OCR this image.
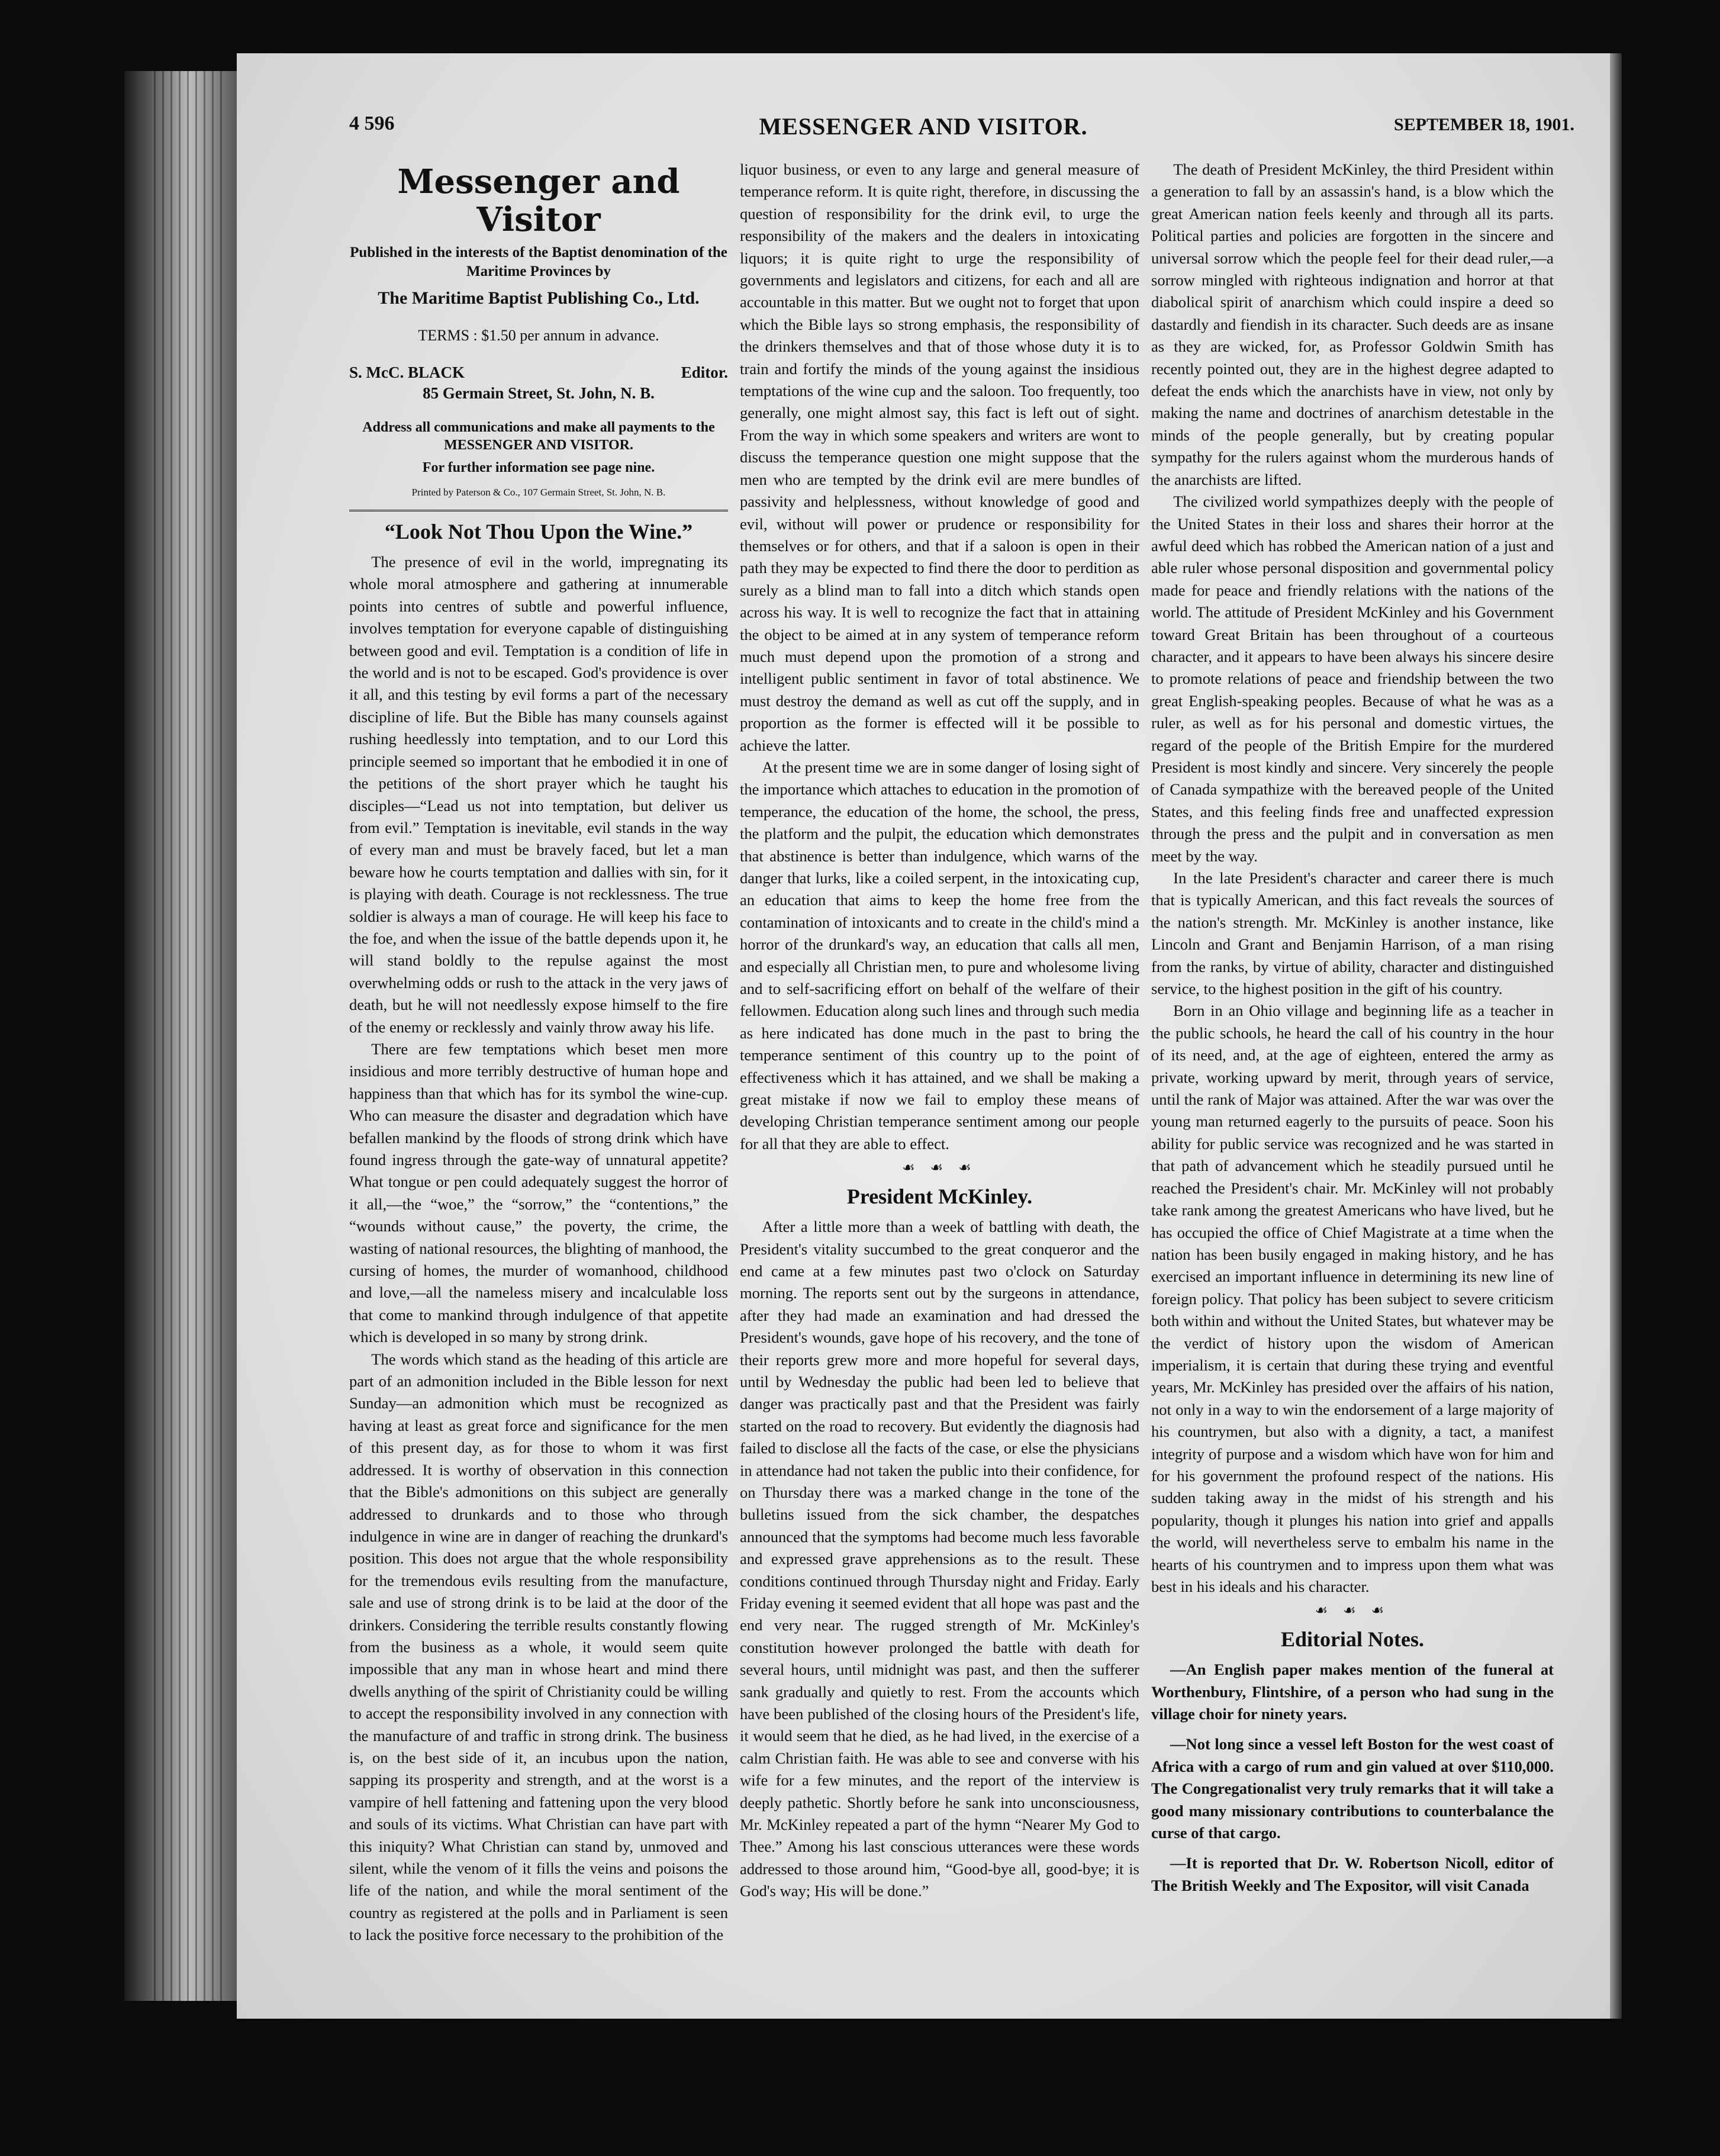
4 596	MESSENGER AND VISITOR.	SEPTEMBER 18, 1901.
Messenger and Visitor
Published in the interests of the Baptist denomination of the Maritime Provinces by
The Maritime Baptist Publishing Co., Ltd.
TERMS : $1.50 per annum in advance.
S. McC. BLACK	Editor.
85 Germain Street, St. John, N. B.
Address all communications and make all payments to the MESSENGER AND VISITOR.
For further information see page nine.
Printed by Paterson & Co., 107 Germain Street, St. John, N. B.
“Look Not Thou Upon the Wine.”

The presence of evil in the world, impregnating its whole moral atmosphere and gathering at innumerable points into centres of subtle and powerful influence, involves temptation for everyone capable of distinguishing between good and evil. Temptation is a condition of life in the world and is not to be escaped. God's providence is over it all, and this testing by evil forms a part of the necessary discipline of life. But the Bible has many counsels against rushing heedlessly into temptation, and to our Lord this principle seemed so important that he embodied it in one of the petitions of the short prayer which he taught his disciples—“Lead us not into temptation, but deliver us from evil.” Temptation is inevitable, evil stands in the way of every man and must be bravely faced, but let a man beware how he courts temptation and dallies with sin, for it is playing with death. Courage is not recklessness. The true soldier is always a man of courage. He will keep his face to the foe, and when the issue of the battle depends upon it, he will stand boldly to the repulse against the most overwhelming odds or rush to the attack in the very jaws of death, but he will not needlessly expose himself to the fire of the enemy or recklessly and vainly throw away his life.

There are few temptations which beset men more insidious and more terribly destructive of human hope and happiness than that which has for its symbol the wine-cup. Who can measure the disaster and degradation which have befallen mankind by the floods of strong drink which have found ingress through the gate-way of unnatural appetite? What tongue or pen could adequately suggest the horror of it all,—the “woe,” the “sorrow,” the “contentions,” the “wounds without cause,” the poverty, the crime, the wasting of national resources, the blighting of manhood, the cursing of homes, the murder of womanhood, childhood and love,—all the nameless misery and incalculable loss that come to mankind through indulgence of that appetite which is developed in so many by strong drink.

The words which stand as the heading of this article are part of an admonition included in the Bible lesson for next Sunday—an admonition which must be recognized as having at least as great force and significance for the men of this present day, as for those to whom it was first addressed. It is worthy of observation in this connection that the Bible's admonitions on this subject are generally addressed to drunkards and to those who through indulgence in wine are in danger of reaching the drunkard's position. This does not argue that the whole responsibility for the tremendous evils resulting from the manufacture, sale and use of strong drink is to be laid at the door of the drinkers. Considering the terrible results constantly flowing from the business as a whole, it would seem quite impossible that any man in whose heart and mind there dwells anything of the spirit of Christianity could be willing to accept the responsibility involved in any connection with the manufacture of and traffic in strong drink. The business is, on the best side of it, an incubus upon the nation, sapping its prosperity and strength, and at the worst is a vampire of hell fattening and fattening upon the very blood and souls of its victims. What Christian can have part with this iniquity? What Christian can stand by, unmoved and silent, while the venom of it fills the veins and poisons the life of the nation, and while the moral sentiment of the country as registered at the polls and in Parliament is seen to lack the positive force necessary to the prohibition of the

liquor business, or even to any large and general measure of temperance reform. It is quite right, therefore, in discussing the question of responsibility for the drink evil, to urge the responsibility of the makers and the dealers in intoxicating liquors; it is quite right to urge the responsibility of governments and legislators and citizens, for each and all are accountable in this matter. But we ought not to forget that upon which the Bible lays so strong emphasis, the responsibility of the drinkers themselves and that of those whose duty it is to train and fortify the minds of the young against the insidious temptations of the wine cup and the saloon. Too frequently, too generally, one might almost say, this fact is left out of sight. From the way in which some speakers and writers are wont to discuss the temperance question one might suppose that the men who are tempted by the drink evil are mere bundles of passivity and helplessness, without knowledge of good and evil, without will power or prudence or responsibility for themselves or for others, and that if a saloon is open in their path they may be expected to find there the door to perdition as surely as a blind man to fall into a ditch which stands open across his way. It is well to recognize the fact that in attaining the object to be aimed at in any system of temperance reform much must depend upon the promotion of a strong and intelligent public sentiment in favor of total abstinence. We must destroy the demand as well as cut off the supply, and in proportion as the former is effected will it be possible to achieve the latter.

At the present time we are in some danger of losing sight of the importance which attaches to education in the promotion of temperance, the education of the home, the school, the press, the platform and the pulpit, the education which demonstrates that abstinence is better than indulgence, which warns of the danger that lurks, like a coiled serpent, in the intoxicating cup, an education that aims to keep the home free from the contamination of intoxicants and to create in the child's mind a horror of the drunkard's way, an education that calls all men, and especially all Christian men, to pure and wholesome living and to self-sacrificing effort on behalf of the welfare of their fellowmen. Education along such lines and through such media as here indicated has done much in the past to bring the temperance sentiment of this country up to the point of effectiveness which it has attained, and we shall be making a great mistake if now we fail to employ these means of developing Christian temperance sentiment among our people for all that they are able to effect.

☙ ☙ ☙
President McKinley.

After a little more than a week of battling with death, the President's vitality succumbed to the great conqueror and the end came at a few minutes past two o'clock on Saturday morning. The reports sent out by the surgeons in attendance, after they had made an examination and had dressed the President's wounds, gave hope of his recovery, and the tone of their reports grew more and more hopeful for several days, until by Wednesday the public had been led to believe that danger was practically past and that the President was fairly started on the road to recovery. But evidently the diagnosis had failed to disclose all the facts of the case, or else the physicians in attendance had not taken the public into their confidence, for on Thursday there was a marked change in the tone of the bulletins issued from the sick chamber, the despatches announced that the symptoms had become much less favorable and expressed grave apprehensions as to the result. These conditions continued through Thursday night and Friday. Early Friday evening it seemed evident that all hope was past and the end very near. The rugged strength of Mr. McKinley's constitution however prolonged the battle with death for several hours, until midnight was past, and then the sufferer sank gradually and quietly to rest. From the accounts which have been published of the closing hours of the President's life, it would seem that he died, as he had lived, in the exercise of a calm Christian faith. He was able to see and converse with his wife for a few minutes, and the report of the interview is deeply pathetic. Shortly before he sank into unconsciousness, Mr. McKinley repeated a part of the hymn “Nearer My God to Thee.” Among his last conscious utterances were these words addressed to those around him, “Good-bye all, good-bye; it is God's way; His will be done.”

The death of President McKinley, the third President within a generation to fall by an assassin's hand, is a blow which the great American nation feels keenly and through all its parts. Political parties and policies are forgotten in the sincere and universal sorrow which the people feel for their dead ruler,—a sorrow mingled with righteous indignation and horror at that diabolical spirit of anarchism which could inspire a deed so dastardly and fiendish in its character. Such deeds are as insane as they are wicked, for, as Professor Goldwin Smith has recently pointed out, they are in the highest degree adapted to defeat the ends which the anarchists have in view, not only by making the name and doctrines of anarchism detestable in the minds of the people generally, but by creating popular sympathy for the rulers against whom the murderous hands of the anarchists are lifted.

The civilized world sympathizes deeply with the people of the United States in their loss and shares their horror at the awful deed which has robbed the American nation of a just and able ruler whose personal disposition and governmental policy made for peace and friendly relations with the nations of the world. The attitude of President McKinley and his Government toward Great Britain has been throughout of a courteous character, and it appears to have been always his sincere desire to promote relations of peace and friendship between the two great English-speaking peoples. Because of what he was as a ruler, as well as for his personal and domestic virtues, the regard of the people of the British Empire for the murdered President is most kindly and sincere. Very sincerely the people of Canada sympathize with the bereaved people of the United States, and this feeling finds free and unaffected expression through the press and the pulpit and in conversation as men meet by the way.

In the late President's character and career there is much that is typically American, and this fact reveals the sources of the nation's strength. Mr. McKinley is another instance, like Lincoln and Grant and Benjamin Harrison, of a man rising from the ranks, by virtue of ability, character and distinguished service, to the highest position in the gift of his country.

Born in an Ohio village and beginning life as a teacher in the public schools, he heard the call of his country in the hour of its need, and, at the age of eighteen, entered the army as private, working upward by merit, through years of service, until the rank of Major was attained. After the war was over the young man returned eagerly to the pursuits of peace. Soon his ability for public service was recognized and he was started in that path of advancement which he steadily pursued until he reached the President's chair. Mr. McKinley will not probably take rank among the greatest Americans who have lived, but he has occupied the office of Chief Magistrate at a time when the nation has been busily engaged in making history, and he has exercised an important influence in determining its new line of foreign policy. That policy has been subject to severe criticism both within and without the United States, but whatever may be the verdict of history upon the wisdom of American imperialism, it is certain that during these trying and eventful years, Mr. McKinley has presided over the affairs of his nation, not only in a way to win the endorsement of a large majority of his countrymen, but also with a dignity, a tact, a manifest integrity of purpose and a wisdom which have won for him and for his government the profound respect of the nations. His sudden taking away in the midst of his strength and his popularity, though it plunges his nation into grief and appalls the world, will nevertheless serve to embalm his name in the hearts of his countrymen and to impress upon them what was best in his ideals and his character.

☙ ☙ ☙
Editorial Notes.

—An English paper makes mention of the funeral at Worthenbury, Flintshire, of a person who had sung in the village choir for ninety years.

—Not long since a vessel left Boston for the west coast of Africa with a cargo of rum and gin valued at over $110,000. The Congregationalist very truly remarks that it will take a good many missionary contributions to counterbalance the curse of that cargo.

—It is reported that Dr. W. Robertson Nicoll, editor of The British Weekly and The Expositor, will visit Canada
